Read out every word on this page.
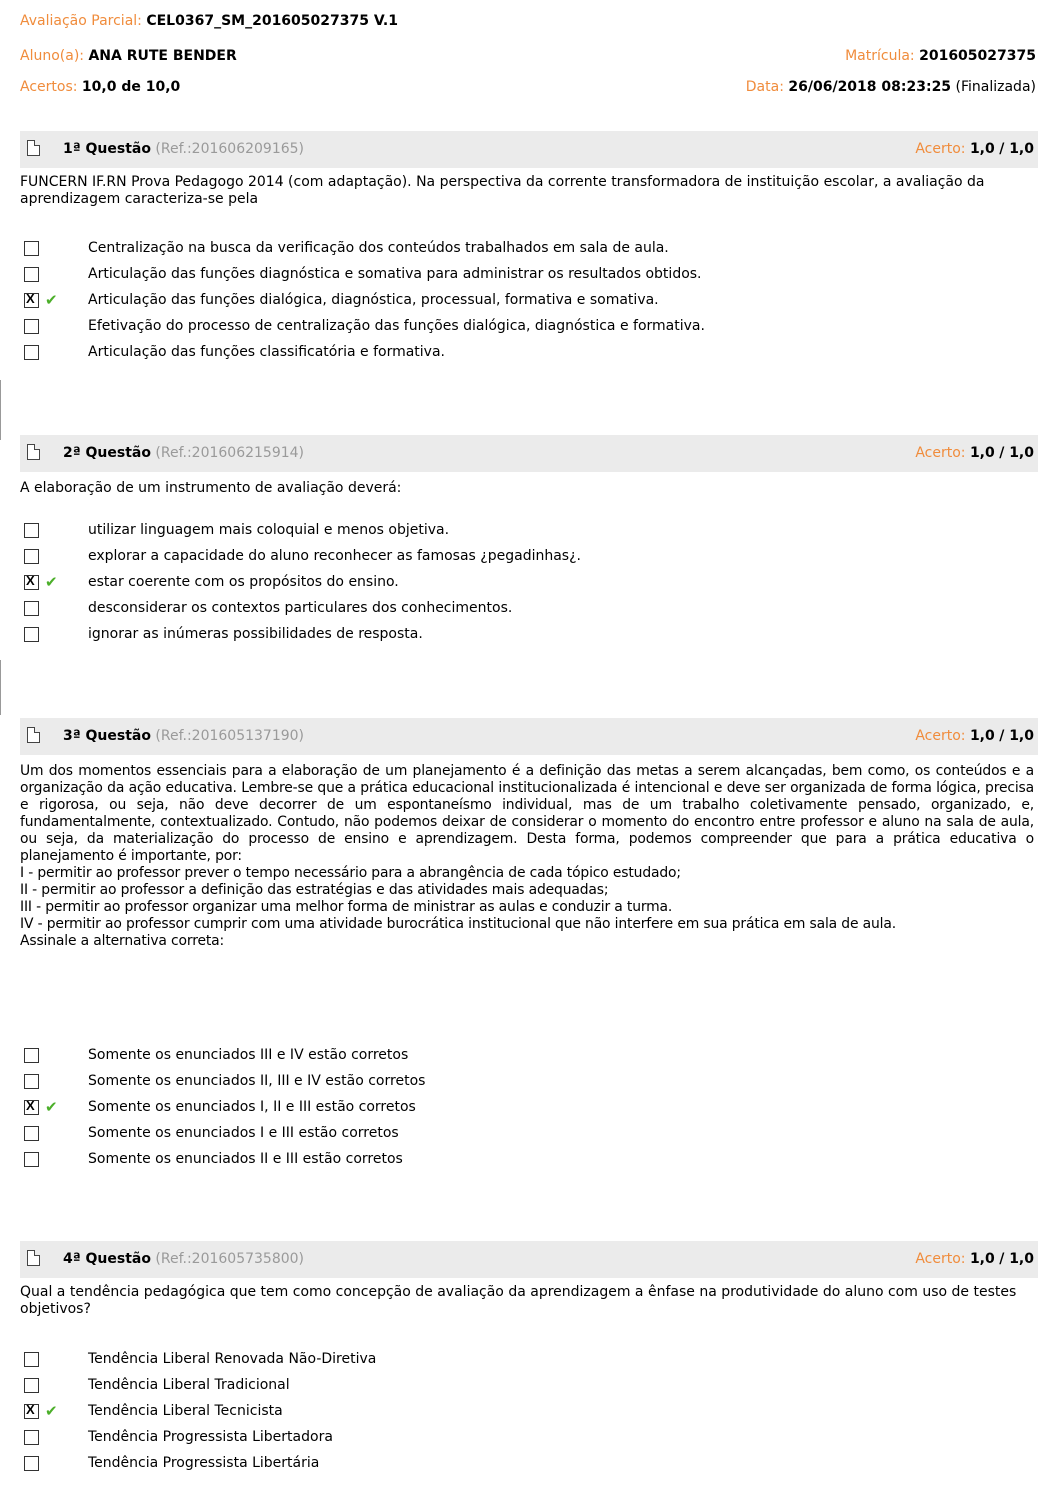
Avaliação Parcial: CEL0367_SM_201605027375 V.1
Aluno(a): ANA RUTE BENDER	Matrícula: 201605027375
Acertos: 10,0 de 10,0	Data: 26/06/2018 08:23:25 (Finalizada)
1ª Questão (Ref.:201606209165)	Acerto: 1,0 / 1,0
FUNCERN IF.RN Prova Pedagogo 2014 (com adaptação). Na perspectiva da corrente transformadora de instituição escolar, a avaliação da aprendizagem caracteriza-se pela
Centralização na busca da verificação dos conteúdos trabalhados em sala de aula.
Articulação das funções diagnóstica e somativa para administrar os resultados obtidos.
X
✔ Articulação das funções dialógica, diagnóstica, processual, formativa e somativa.
Efetivação do processo de centralização das funções dialógica, diagnóstica e formativa.
Articulação das funções classificatória e formativa.
2ª Questão (Ref.:201606215914)	Acerto: 1,0 / 1,0
A elaboração de um instrumento de avaliação deverá:
utilizar linguagem mais coloquial e menos objetiva.
explorar a capacidade do aluno reconhecer as famosas ¿pegadinhas¿.
X
✔ estar coerente com os propósitos do ensino.
desconsiderar os contextos particulares dos conhecimentos.
ignorar as inúmeras possibilidades de resposta.
3ª Questão (Ref.:201605137190)	Acerto: 1,0 / 1,0
Um dos momentos essenciais para a elaboração de um planejamento é a definição das metas a serem alcançadas, bem como, os conteúdos e a organização da ação educativa. Lembre-se que a prática educacional institucionalizada é intencional e deve ser organizada de forma lógica, precisa e rigorosa, ou seja, não deve decorrer de um espontaneísmo individual, mas de um trabalho coletivamente pensado, organizado, e, fundamentalmente, contextualizado. Contudo, não podemos deixar de considerar o momento do encontro entre professor e aluno na sala de aula, ou seja, da materialização do processo de ensino e aprendizagem. Desta forma, podemos compreender que para a prática educativa o planejamento é importante, por:
I - permitir ao professor prever o tempo necessário para a abrangência de cada tópico estudado;
II - permitir ao professor a definição das estratégias e das atividades mais adequadas;
III - permitir ao professor organizar uma melhor forma de ministrar as aulas e conduzir a turma.
IV - permitir ao professor cumprir com uma atividade burocrática institucional que não interfere em sua prática em sala de aula.
Assinale a alternativa correta:
Somente os enunciados III e IV estão corretos
Somente os enunciados II, III e IV estão corretos
X
✔ Somente os enunciados I, II e III estão corretos
Somente os enunciados I e III estão corretos
Somente os enunciados II e III estão corretos
4ª Questão (Ref.:201605735800)	Acerto: 1,0 / 1,0
Qual a tendência pedagógica que tem como concepção de avaliação da aprendizagem a ênfase na produtividade do aluno com uso de testes objetivos?
Tendência Liberal Renovada Não-Diretiva
Tendência Liberal Tradicional
X
✔ Tendência Liberal Tecnicista
Tendência Progressista Libertadora
Tendência Progressista Libertária
